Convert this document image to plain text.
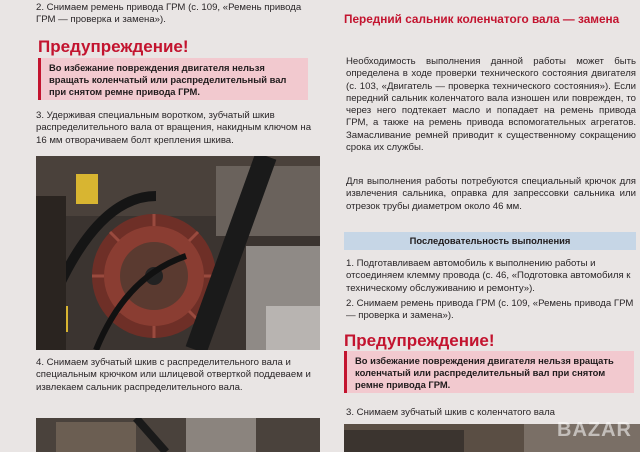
2. Снимаем ремень привода ГРМ (с. 109, «Ремень привода ГРМ — проверка и замена»).

Предупреждение!
Во избежание повреждения двигателя нельзя вращать коленчатый или распределительный вал при снятом ремне привода ГРМ.

3. Удерживая специальным воротком, зубчатый шкив распределительного вала от вращения, накидным ключом на 16 мм отворачиваем болт крепления шкива.

4. Снимаем зубчатый шкив с распределительного вала и специальным крючком или шлицевой отверткой поддеваем и извлекаем сальник распределительного вала.

Передний сальник коленчатого вала — замена

Необходимость выполнения данной работы может быть определена в ходе проверки технического состояния двигателя (с. 103, «Двигатель — проверка технического состояния»). Если передний сальник коленчатого вала изношен или поврежден, то через него подтекает масло и попадает на ремень привода ГРМ, а также на ремень привода вспомогательных агрегатов. Замасливание ремней приводит к существенному сокращению срока их службы.

Для выполнения работы потребуются специальный крючок для извлечения сальника, оправка для запрессовки сальника или отрезок трубы диаметром около 46 мм.

Последовательность выполнения

1. Подготавливаем автомобиль к выполнению работы и отсоединяем клемму провода (с. 46, «Подготовка автомобиля к техническому обслуживанию и ремонту»).

2. Снимаем ремень привода ГРМ (с. 109, «Ремень привода ГРМ — проверка и замена»).

Предупреждение!
Во избежание повреждения двигателя нельзя вращать коленчатый или распределительный вал при снятом ремне привода ГРМ.

3. Снимаем зубчатый шкив с коленчатого вала

BAZAR
